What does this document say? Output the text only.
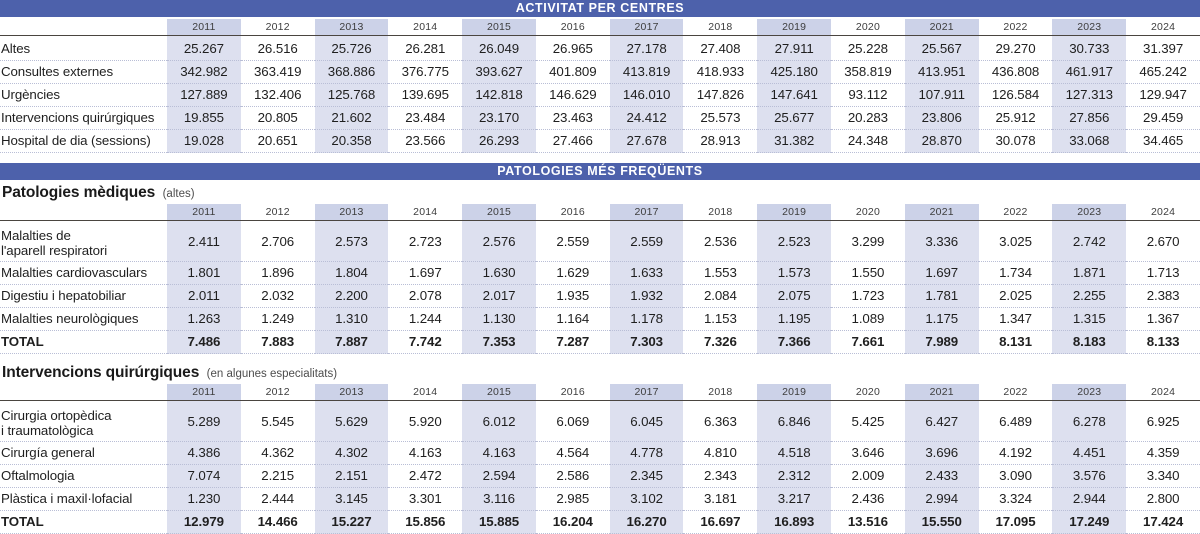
ACTIVITAT PER CENTRES
	2011	2012	2013	2014	2015	2016	2017	2018	2019	2020	2021	2022	2023	2024

Altes	25.267	26.516	25.726	26.281	26.049	26.965	27.178	27.408	27.911	25.228	25.567	29.270	30.733	31.397
Consultes externes	342.982	363.419	368.886	376.775	393.627	401.809	413.819	418.933	425.180	358.819	413.951	436.808	461.917	465.242
Urgències	127.889	132.406	125.768	139.695	142.818	146.629	146.010	147.826	147.641	93.112	107.911	126.584	127.313	129.947
Intervencions quirúrgiques	19.855	20.805	21.602	23.484	23.170	23.463	24.412	25.573	25.677	20.283	23.806	25.912	27.856	29.459
Hospital de dia (sessions)	19.028	20.651	20.358	23.566	26.293	27.466	27.678	28.913	31.382	24.348	28.870	30.078	33.068	34.465
PATOLOGIES MÉS FREQÜENTS
Patologies mèdiques (altes)
	2011	2012	2013	2014	2015	2016	2017	2018	2019	2020	2021	2022	2023	2024

Malalties de
l'aparell respiratori	2.411	2.706	2.573	2.723	2.576	2.559	2.559	2.536	2.523	3.299	3.336	3.025	2.742	2.670
Malalties cardiovasculars	1.801	1.896	1.804	1.697	1.630	1.629	1.633	1.553	1.573	1.550	1.697	1.734	1.871	1.713
Digestiu i hepatobiliar	2.011	2.032	2.200	2.078	2.017	1.935	1.932	2.084	2.075	1.723	1.781	2.025	2.255	2.383
Malalties neurològiques	1.263	1.249	1.310	1.244	1.130	1.164	1.178	1.153	1.195	1.089	1.175	1.347	1.315	1.367
TOTAL	7.486	7.883	7.887	7.742	7.353	7.287	7.303	7.326	7.366	7.661	7.989	8.131	8.183	8.133
Intervencions quirúrgiques (en algunes especialitats)
	2011	2012	2013	2014	2015	2016	2017	2018	2019	2020	2021	2022	2023	2024

Cirurgia ortopèdica
i traumatològica	5.289	5.545	5.629	5.920	6.012	6.069	6.045	6.363	6.846	5.425	6.427	6.489	6.278	6.925
Cirurgía general	4.386	4.362	4.302	4.163	4.163	4.564	4.778	4.810	4.518	3.646	3.696	4.192	4.451	4.359
Oftalmologia	7.074	2.215	2.151	2.472	2.594	2.586	2.345	2.343	2.312	2.009	2.433	3.090	3.576	3.340
Plàstica i maxil·lofacial	1.230	2.444	3.145	3.301	3.116	2.985	3.102	3.181	3.217	2.436	2.994	3.324	2.944	2.800
TOTAL	12.979	14.466	15.227	15.856	15.885	16.204	16.270	16.697	16.893	13.516	15.550	17.095	17.249	17.424
